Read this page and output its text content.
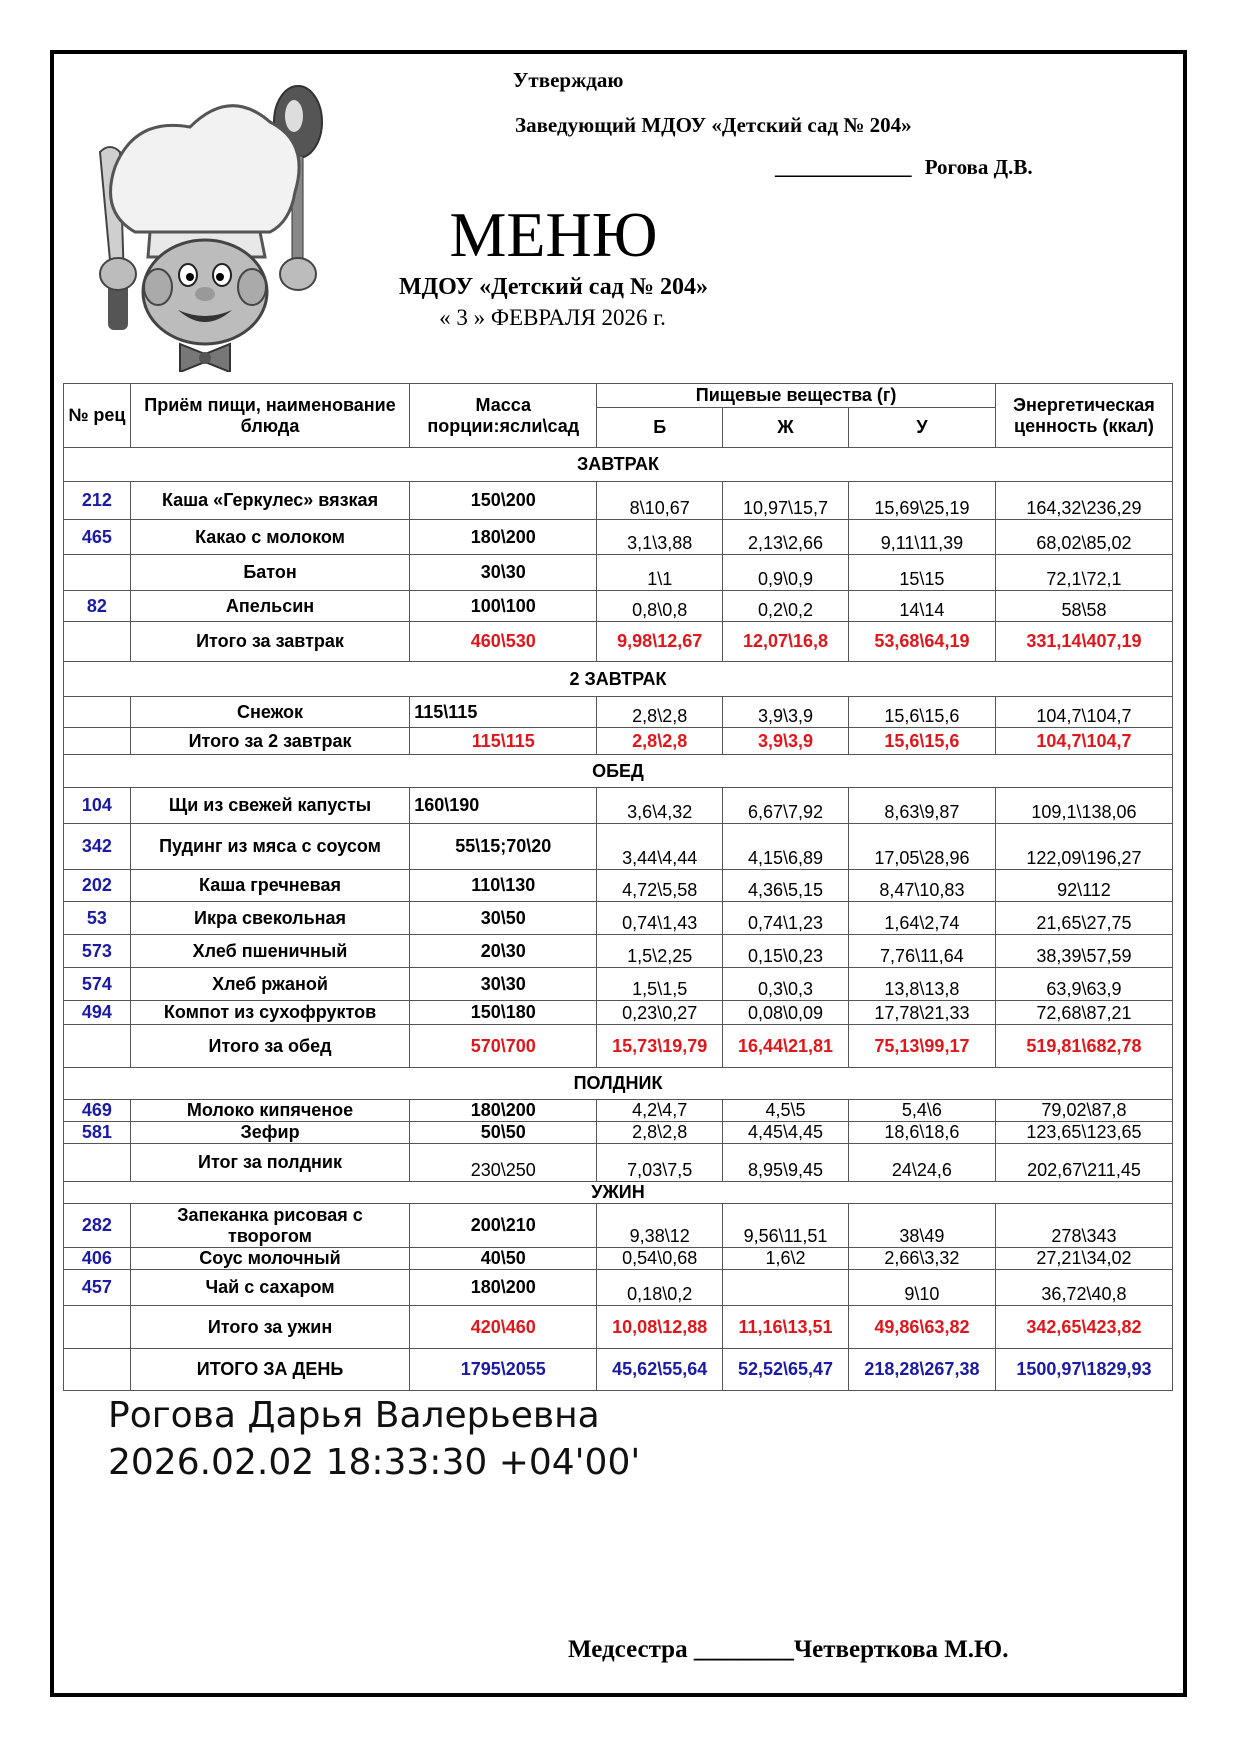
Утверждаю
Заведующий МДОУ «Детский сад № 204»
_____________ Рогова Д.В.
МЕНЮ
МДОУ «Детский сад № 204»
« 3 » ФЕВРАЛЯ 2026 г.
№ рец	Приём пищи, наименование блюда	Масса порции:ясли\сад	Пищевые вещества (г)			Энергетическая ценность (ккал)
			Б	Ж	У	
ЗАВТРАК						
212	Каша «Геркулес» вязкая	150\200	8\10,67	10,97\15,7	15,69\25,19	164,32\236,29
465	Какао с молоком	180\200	3,1\3,88	2,13\2,66	9,11\11,39	68,02\85,02
	Батон	30\30	1\1	0,9\0,9	15\15	72,1\72,1
82	Апельсин	100\100	0,8\0,8	0,2\0,2	14\14	58\58
	Итого за завтрак	460\530	9,98\12,67	12,07\16,8	53,68\64,19	331,14\407,19
2 ЗАВТРАК						
	Снежок	115\115	2,8\2,8	3,9\3,9	15,6\15,6	104,7\104,7
	Итого за 2 завтрак	115\115	2,8\2,8	3,9\3,9	15,6\15,6	104,7\104,7
ОБЕД						
104	Щи из свежей капусты	160\190	3,6\4,32	6,67\7,92	8,63\9,87	109,1\138,06
342	Пудинг из мяса с соусом	55\15;70\20	3,44\4,44	4,15\6,89	17,05\28,96	122,09\196,27
202	Каша гречневая	110\130	4,72\5,58	4,36\5,15	8,47\10,83	92\112
53	Икра свекольная	30\50	0,74\1,43	0,74\1,23	1,64\2,74	21,65\27,75
573	Хлеб пшеничный	20\30	1,5\2,25	0,15\0,23	7,76\11,64	38,39\57,59
574	Хлеб ржаной	30\30	1,5\1,5	0,3\0,3	13,8\13,8	63,9\63,9
494	Компот из сухофруктов	150\180	0,23\0,27	0,08\0,09	17,78\21,33	72,68\87,21
	Итого за обед	570\700	15,73\19,79	16,44\21,81	75,13\99,17	519,81\682,78
ПОЛДНИК						
469	Молоко кипяченое	180\200	4,2\4,7	4,5\5	5,4\6	79,02\87,8
581	Зефир	50\50	2,8\2,8	4,45\4,45	18,6\18,6	123,65\123,65
	Итог за полдник	230\250	7,03\7,5	8,95\9,45	24\24,6	202,67\211,45
УЖИН						
282	Запеканка рисовая с творогом	200\210	9,38\12	9,56\11,51	38\49	278\343
406	Соус молочный	40\50	0,54\0,68	1,6\2	2,66\3,32	27,21\34,02
457	Чай с сахаром	180\200	0,18\0,2		9\10	36,72\40,8
	Итого за ужин	420\460	10,08\12,88	11,16\13,51	49,86\63,82	342,65\423,82
	ИТОГО ЗА ДЕНЬ	1795\2055	45,62\55,64	52,52\65,47	218,28\267,38	1500,97\1829,93
Рогова Дарья Валерьевна
2026.02.02 18:33:30 +04'00'
Медсестра ________Четверткова М.Ю.
